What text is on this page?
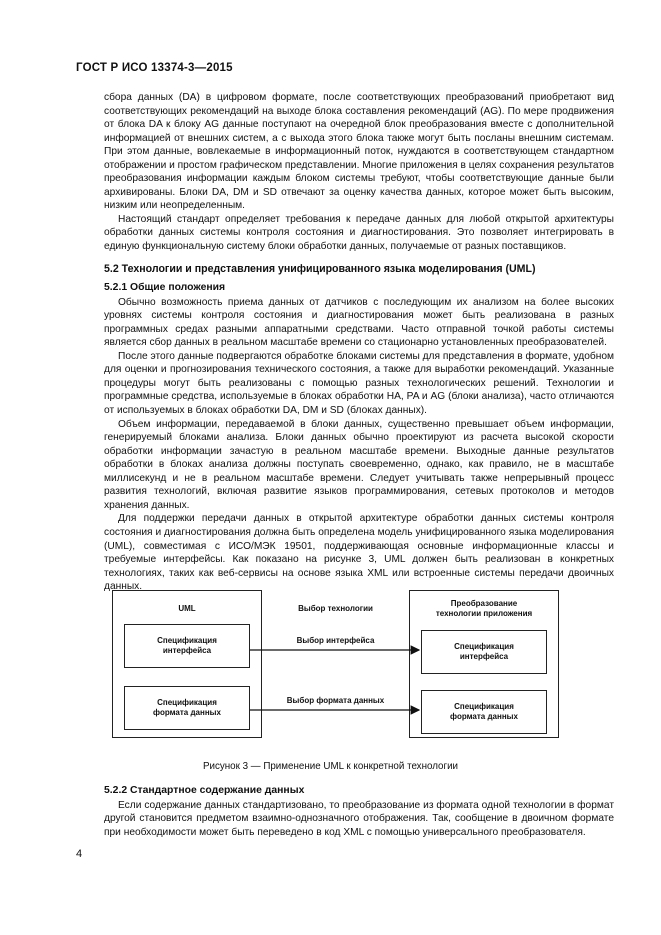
ГОСТ Р ИСО 13374-3—2015

сбора данных (DA) в цифровом формате, после соответствующих преобразований приобретают вид соответствующих рекомендаций на выходе блока составления рекомендаций (AG). По мере продвижения от блока DA к блоку AG данные поступают на очередной блок преобразования вместе с дополнительной информацией от внешних систем, а с выхода этого блока также могут быть посланы внешним системам. При этом данные, вовлекаемые в информационный поток, нуждаются в соответствующем стандартном отображении и простом графическом представлении. Многие приложения в целях сохранения результатов преобразования информации каждым блоком системы требуют, чтобы соответствующие данные были архивированы. Блоки DA, DM и SD отвечают за оценку качества данных, которое может быть высоким, низким или неопределенным.

Настоящий стандарт определяет требования к передаче данных для любой открытой архитектуры обработки данных системы контроля состояния и диагностирования. Это позволяет интегрировать в единую функциональную систему блоки обработки данных, получаемые от разных поставщиков.

5.2 Технологии и представления унифицированного языка моделирования (UML)

5.2.1 Общие положения

Обычно возможность приема данных от датчиков с последующим их анализом на более высоких уровнях системы контроля состояния и диагностирования может быть реализована в разных программных средах разными аппаратными средствами. Часто отправной точкой работы системы является сбор данных в реальном масштабе времени со стационарно установленных преобразователей.

После этого данные подвергаются обработке блоками системы для представления в формате, удобном для оценки и прогнозирования технического состояния, а также для выработки рекомендаций. Указанные процедуры могут быть реализованы с помощью разных технологических решений. Технологии и программные средства, используемые в блоках обработки HA, PA и AG (блоки анализа), часто отличаются от используемых в блоках обработки DA, DM и SD (блоках данных).

Объем информации, передаваемой в блоки данных, существенно превышает объем информации, генерируемый блоками анализа. Блоки данных обычно проектируют из расчета высокой скорости обработки информации зачастую в реальном масштабе времени. Выходные данные результатов обработки в блоках анализа должны поступать своевременно, однако, как правило, не в масштабе миллисекунд и не в реальном масштабе времени. Следует учитывать также непрерывный процесс развития технологий, включая развитие языков программирования, сетевых протоколов и методов хранения данных.

Для поддержки передачи данных в открытой архитектуре обработки данных системы контроля состояния и диагностирования должна быть определена модель унифицированного языка моделирования (UML), совместимая с ИСО/МЭК 19501, поддерживающая основные информационные классы и требуемые интерфейсы. Как показано на рисунке 3, UML должен быть реализован в конкретных технологиях, таких как веб-сервисы на основе языка XML или встроенные системы передачи двоичных данных.

UML
Спецификация
интерфейса
Спецификация
формата данных
Преобразование
технологии приложения
Спецификация
интерфейса
Спецификация
формата данных
Выбор технологии
Выбор интерфейса
Выбор формата данных
Рисунок 3 — Применение UML к конкретной технологии

5.2.2 Стандартное содержание данных

Если содержание данных стандартизовано, то преобразование из формата одной технологии в формат другой становится предметом взаимно-однозначного отображения. Так, сообщение в двоичном формате при необходимости может быть переведено в код XML с помощью универсального преобразователя.

4
